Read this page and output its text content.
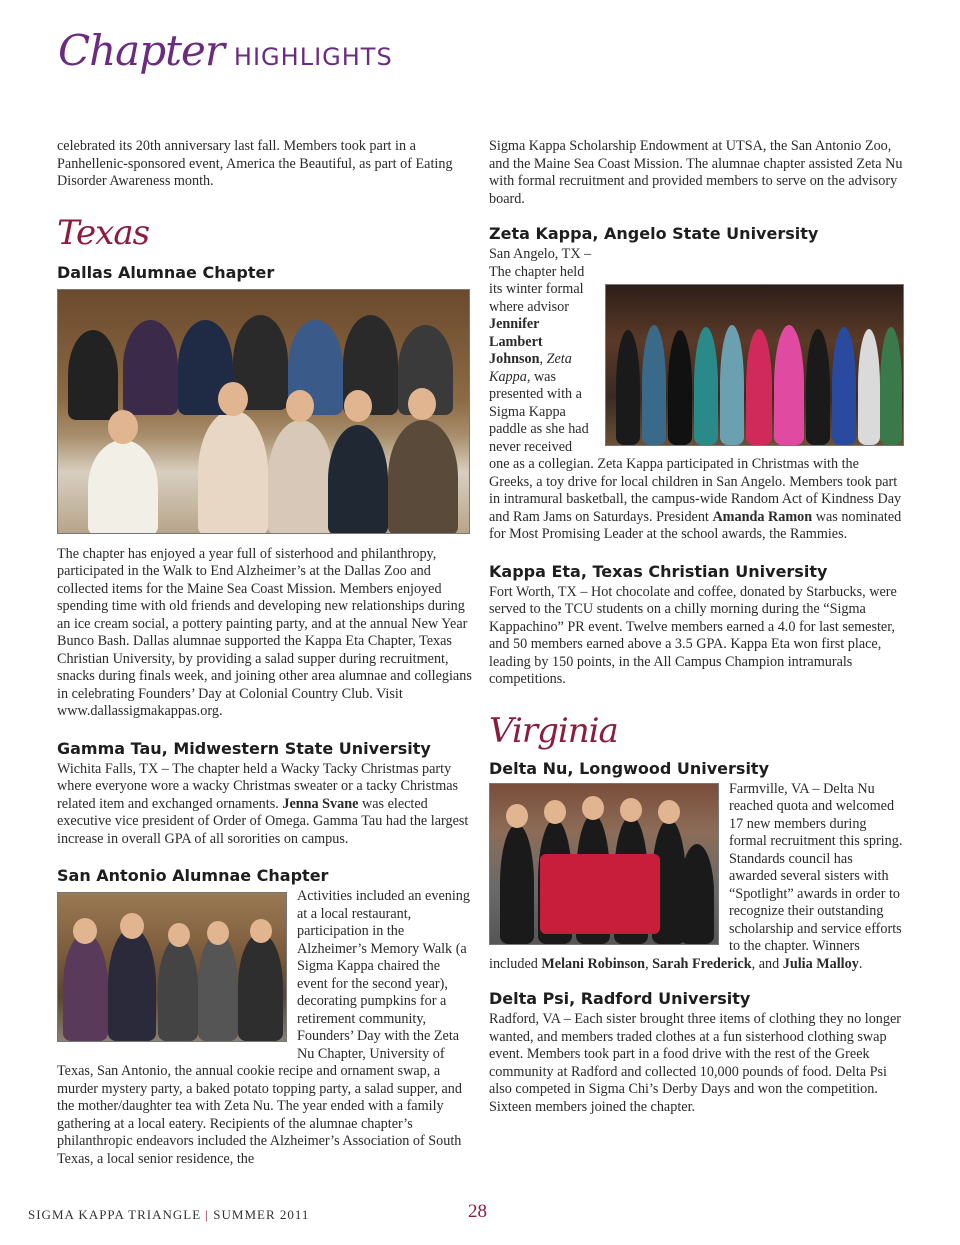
Chapter HIGHLIGHTS

celebrated its 20th anniversary last fall. Members took part in a Panhellenic-sponsored event, America the Beautiful, as part of Eating Disorder Awareness month.

Texas
Dallas Alumnae Chapter

The chapter has enjoyed a year full of sisterhood and philanthropy, participated in the Walk to End Alzheimer’s at the Dallas Zoo and collected items for the Maine Sea Coast Mission. Members enjoyed spending time with old friends and developing new relationships during an ice cream social, a pottery painting party, and at the annual New Year Bunco Bash. Dallas alumnae supported the Kappa Eta Chapter, Texas Christian University, by providing a salad supper during recruitment, snacks during finals week, and joining other area alumnae and collegians in celebrating Founders’ Day at Colonial Country Club. Visit www.dallassigmakappas.org.

Gamma Tau, Midwestern State University

Wichita Falls, TX – The chapter held a Wacky Tacky Christmas party where everyone wore a wacky Christmas sweater or a tacky Christmas related item and exchanged ornaments. Jenna Svane was elected executive vice president of Order of Omega. Gamma Tau had the largest increase in overall GPA of all sororities on campus.

San Antonio Alumnae Chapter

Activities included an evening at a local restaurant, participation in the Alzheimer’s Memory Walk (a Sigma Kappa chaired the event for the second year), decorating pumpkins for a retirement community, Founders’ Day with the Zeta Nu Chapter, University of Texas, San Antonio, the annual cookie recipe and ornament swap, a murder mystery party, a baked potato topping party, a salad supper, and the mother/daughter tea with Zeta Nu. The year ended with a family gathering at a local eatery. Recipients of the alumnae chapter’s philanthropic endeavors included the Alzheimer’s Association of South Texas, a local senior residence, the

Sigma Kappa Scholarship Endowment at UTSA, the San Antonio Zoo, and the Maine Sea Coast Mission. The alumnae chapter assisted Zeta Nu with formal recruitment and provided members to serve on the advisory board.

Zeta Kappa, Angelo State University

San Angelo, TX – The chapter held its winter formal where advisor Jennifer Lambert Johnson, Zeta Kappa, was presented with a Sigma Kappa paddle as she had never received one as a collegian. Zeta Kappa participated in Christmas with the Greeks, a toy drive for local children in San Angelo. Members took part in intramural basketball, the campus-wide Random Act of Kindness Day and Ram Jams on Saturdays. President Amanda Ramon was nominated for Most Promising Leader at the school awards, the Rammies.

Kappa Eta, Texas Christian University

Fort Worth, TX – Hot chocolate and coffee, donated by Starbucks, were served to the TCU students on a chilly morning during the “Sigma Kappachino” PR event. Twelve members earned a 4.0 for last semester, and 50 members earned above a 3.5 GPA. Kappa Eta won first place, leading by 150 points, in the All Campus Champion intramurals competitions.

Virginia
Delta Nu, Longwood University

Farmville, VA – Delta Nu reached quota and welcomed 17 new members during formal recruitment this spring. Standards council has awarded several sisters with “Spotlight” awards in order to recognize their outstanding scholarship and service efforts to the chapter. Winners included Melani Robinson, Sarah Frederick, and Julia Malloy.

Delta Psi, Radford University

Radford, VA – Each sister brought three items of clothing they no longer wanted, and members traded clothes at a fun sisterhood clothing swap event. Members took part in a food drive with the rest of the Greek community at Radford and collected 10,000 pounds of food. Delta Psi also competed in Sigma Chi’s Derby Days and won the competition. Sixteen members joined the chapter.

SIGMA KAPPA TRIANGLE | SUMMER 2011	28
